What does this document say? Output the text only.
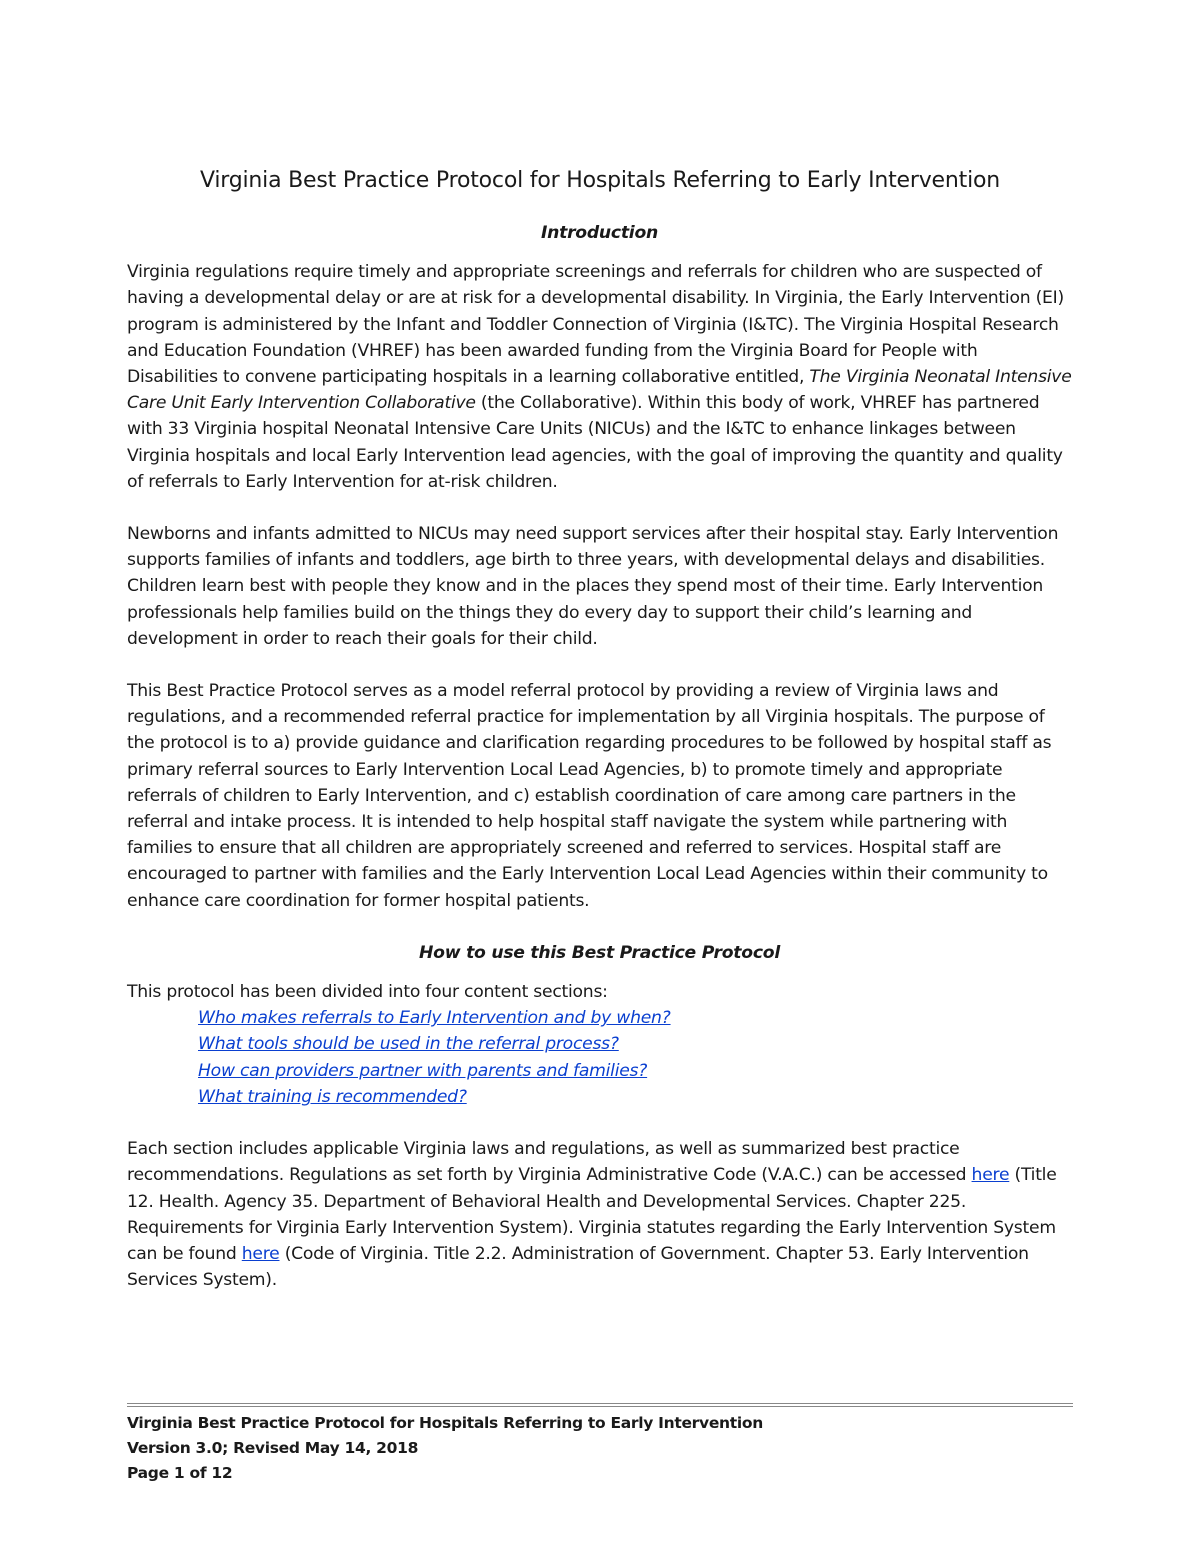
Virginia Best Practice Protocol for Hospitals Referring to Early Intervention

Introduction

Virginia regulations require timely and appropriate screenings and referrals for children who are suspected of having a developmental delay or are at risk for a developmental disability. In Virginia, the Early Intervention (EI) program is administered by the Infant and Toddler Connection of Virginia (I&TC). The Virginia Hospital Research and Education Foundation (VHREF) has been awarded funding from the Virginia Board for People with Disabilities to convene participating hospitals in a learning collaborative entitled, The Virginia Neonatal Intensive Care Unit Early Intervention Collaborative (the Collaborative). Within this body of work, VHREF has partnered with 33 Virginia hospital Neonatal Intensive Care Units (NICUs) and the I&TC to enhance linkages between Virginia hospitals and local Early Intervention lead agencies, with the goal of improving the quantity and quality of referrals to Early Intervention for at-risk children.

Newborns and infants admitted to NICUs may need support services after their hospital stay. Early Intervention supports families of infants and toddlers, age birth to three years, with developmental delays and disabilities. Children learn best with people they know and in the places they spend most of their time. Early Intervention professionals help families build on the things they do every day to support their child’s learning and development in order to reach their goals for their child.

This Best Practice Protocol serves as a model referral protocol by providing a review of Virginia laws and regulations, and a recommended referral practice for implementation by all Virginia hospitals. The purpose of the protocol is to a) provide guidance and clarification regarding procedures to be followed by hospital staff as primary referral sources to Early Intervention Local Lead Agencies, b) to promote timely and appropriate referrals of children to Early Intervention, and c) establish coordination of care among care partners in the referral and intake process. It is intended to help hospital staff navigate the system while partnering with families to ensure that all children are appropriately screened and referred to services. Hospital staff are encouraged to partner with families and the Early Intervention Local Lead Agencies within their community to enhance care coordination for former hospital patients.

How to use this Best Practice Protocol

This protocol has been divided into four content sections:

Who makes referrals to Early Intervention and by when?
What tools should be used in the referral process?
How can providers partner with parents and families?
What training is recommended?

Each section includes applicable Virginia laws and regulations, as well as summarized best practice recommendations. Regulations as set forth by Virginia Administrative Code (V.A.C.) can be accessed here (Title 12. Health. Agency 35. Department of Behavioral Health and Developmental Services. Chapter 225. Requirements for Virginia Early Intervention System). Virginia statutes regarding the Early Intervention System can be found here (Code of Virginia. Title 2.2. Administration of Government. Chapter 53. Early Intervention Services System).

Virginia Best Practice Protocol for Hospitals Referring to Early Intervention
Version 3.0; Revised May 14, 2018
Page 1 of 12
